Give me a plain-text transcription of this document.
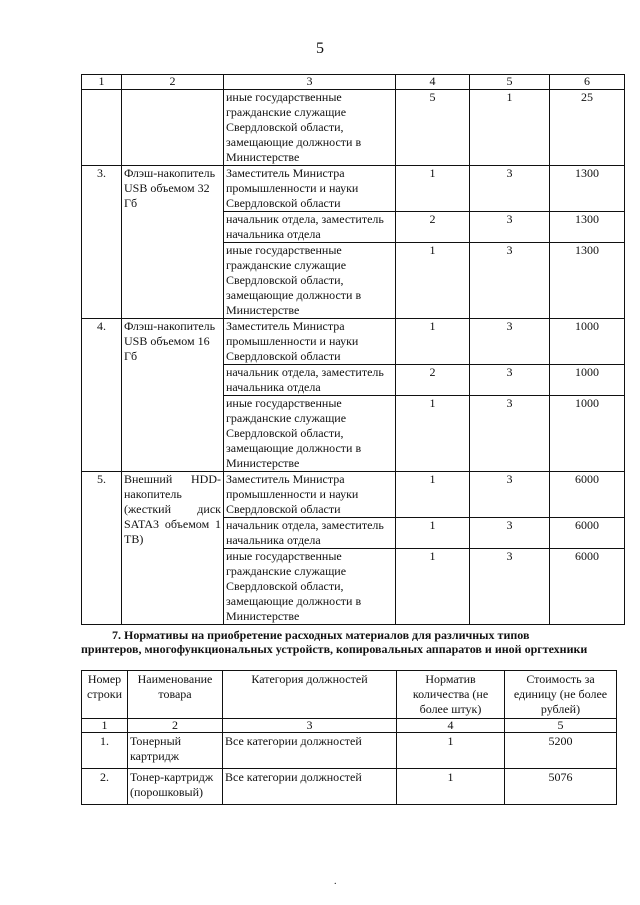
5
1	2	3	4	5	6
		иные государственные гражданские служащие Свердловской области, замещающие должности в Министерстве	5	1	25
3.	Флэш-накопитель USB объемом 32 Гб	Заместитель Министра промышленности и науки Свердловской области	1	3	1300
		начальник отдела, заместитель начальника отдела	2	3	1300
		иные государственные гражданские служащие Свердловской области, замещающие должности в Министерстве	1	3	1300
4.	Флэш-накопитель USB объемом 16 Гб	Заместитель Министра промышленности и науки Свердловской области	1	3	1000
		начальник отдела, заместитель начальника отдела	2	3	1000
		иные государственные гражданские служащие Свердловской области, замещающие должности в Министерстве	1	3	1000
5.	Внешний HDD-накопитель (жесткий диск SATA3 объемом 1 ТВ)	Заместитель Министра промышленности и науки Свердловской области	1	3	6000
		начальник отдела, заместитель начальника отдела	1	3	6000
		иные государственные гражданские служащие Свердловской области, замещающие должности в Министерстве	1	3	6000
7. Нормативы на приобретение расходных материалов для различных типов
принтеров, многофункциональных устройств, копировальных аппаратов и иной оргтехники
Номер строки	Наименование товара	Категория должностей	Норматив количества (не более штук)	Стоимость за единицу (не более рублей)
1	2	3	4	5
1.	Тонерный картридж	Все категории должностей	1	5200
2.	Тонер-картридж (порошковый)	Все категории должностей	1	5076
.
